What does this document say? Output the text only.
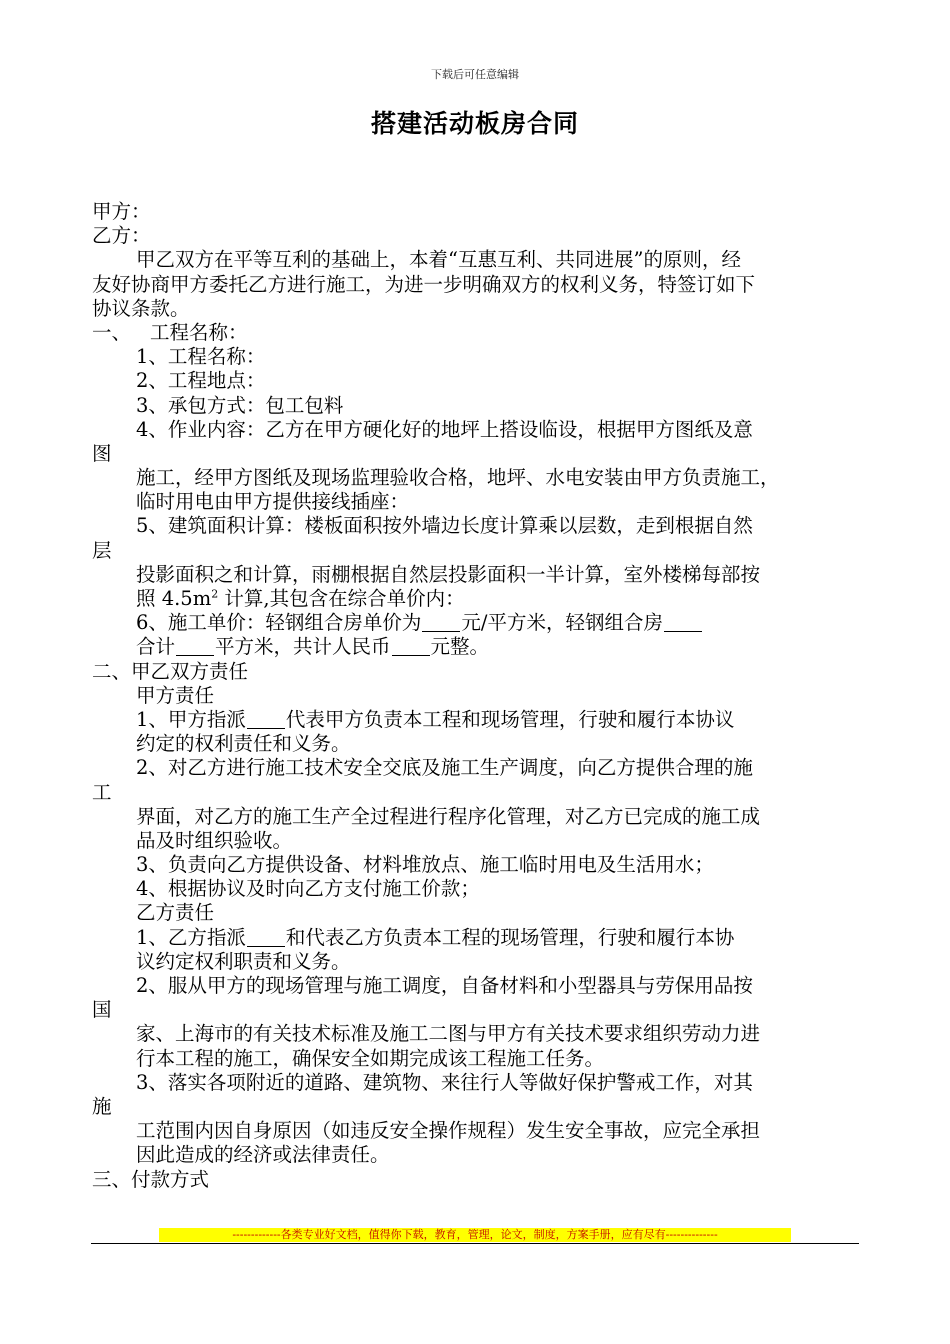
下载后可任意编辑
搭建活动板房合同
甲方：
乙方：
甲乙双方在平等互利的基础上，本着“互惠互利、共同进展”的原则，经
友好协商甲方委托乙方进行施工，为进一步明确双方的权利义务，特签订如下
协议条款。
一、 工程名称：
1、工程名称：
2、工程地点：
3、承包方式：包工包料
4、作业内容：乙方在甲方硬化好的地坪上搭设临设，根据甲方图纸及意
图
施工，经甲方图纸及现场监理验收合格，地坪、水电安装由甲方负责施工，
临时用电由甲方提供接线插座：
5、建筑面积计算：楼板面积按外墙边长度计算乘以层数，走到根据自然
层
投影面积之和计算，雨棚根据自然层投影面积一半计算，室外楼梯每部按
照 $4.5m^2$ 计算,其包含在综合单价内：
6、施工单价：轻钢组合房单价为 元/平方米，轻钢组合房
合计 平方米，共计人民币 元整。
二、甲乙双方责任
甲方责任
1、甲方指派 代表甲方负责本工程和现场管理，行驶和履行本协议
约定的权利责任和义务。
2、对乙方进行施工技术安全交底及施工生产调度，向乙方提供合理的施
工
界面，对乙方的施工生产全过程进行程序化管理，对乙方已完成的施工成
品及时组织验收。
3、负责向乙方提供设备、材料堆放点、施工临时用电及生活用水；
4、根据协议及时向乙方支付施工价款；
乙方责任
1、乙方指派 和代表乙方负责本工程的现场管理，行驶和履行本协
议约定权利职责和义务。
2、服从甲方的现场管理与施工调度，自备材料和小型器具与劳保用品按
国
家、上海市的有关技术标准及施工二图与甲方有关技术要求组织劳动力进
行本工程的施工，确保安全如期完成该工程施工任务。
3、落实各项附近的道路、建筑物、来往行人等做好保护警戒工作，对其
施
工范围内因自身原因（如违反安全操作规程）发生安全事故，应完全承担
因此造成的经济或法律责任。
三、付款方式
-------------各类专业好文档，值得你下载，教育，管理，论文，制度，方案手册，应有尽有--------------
